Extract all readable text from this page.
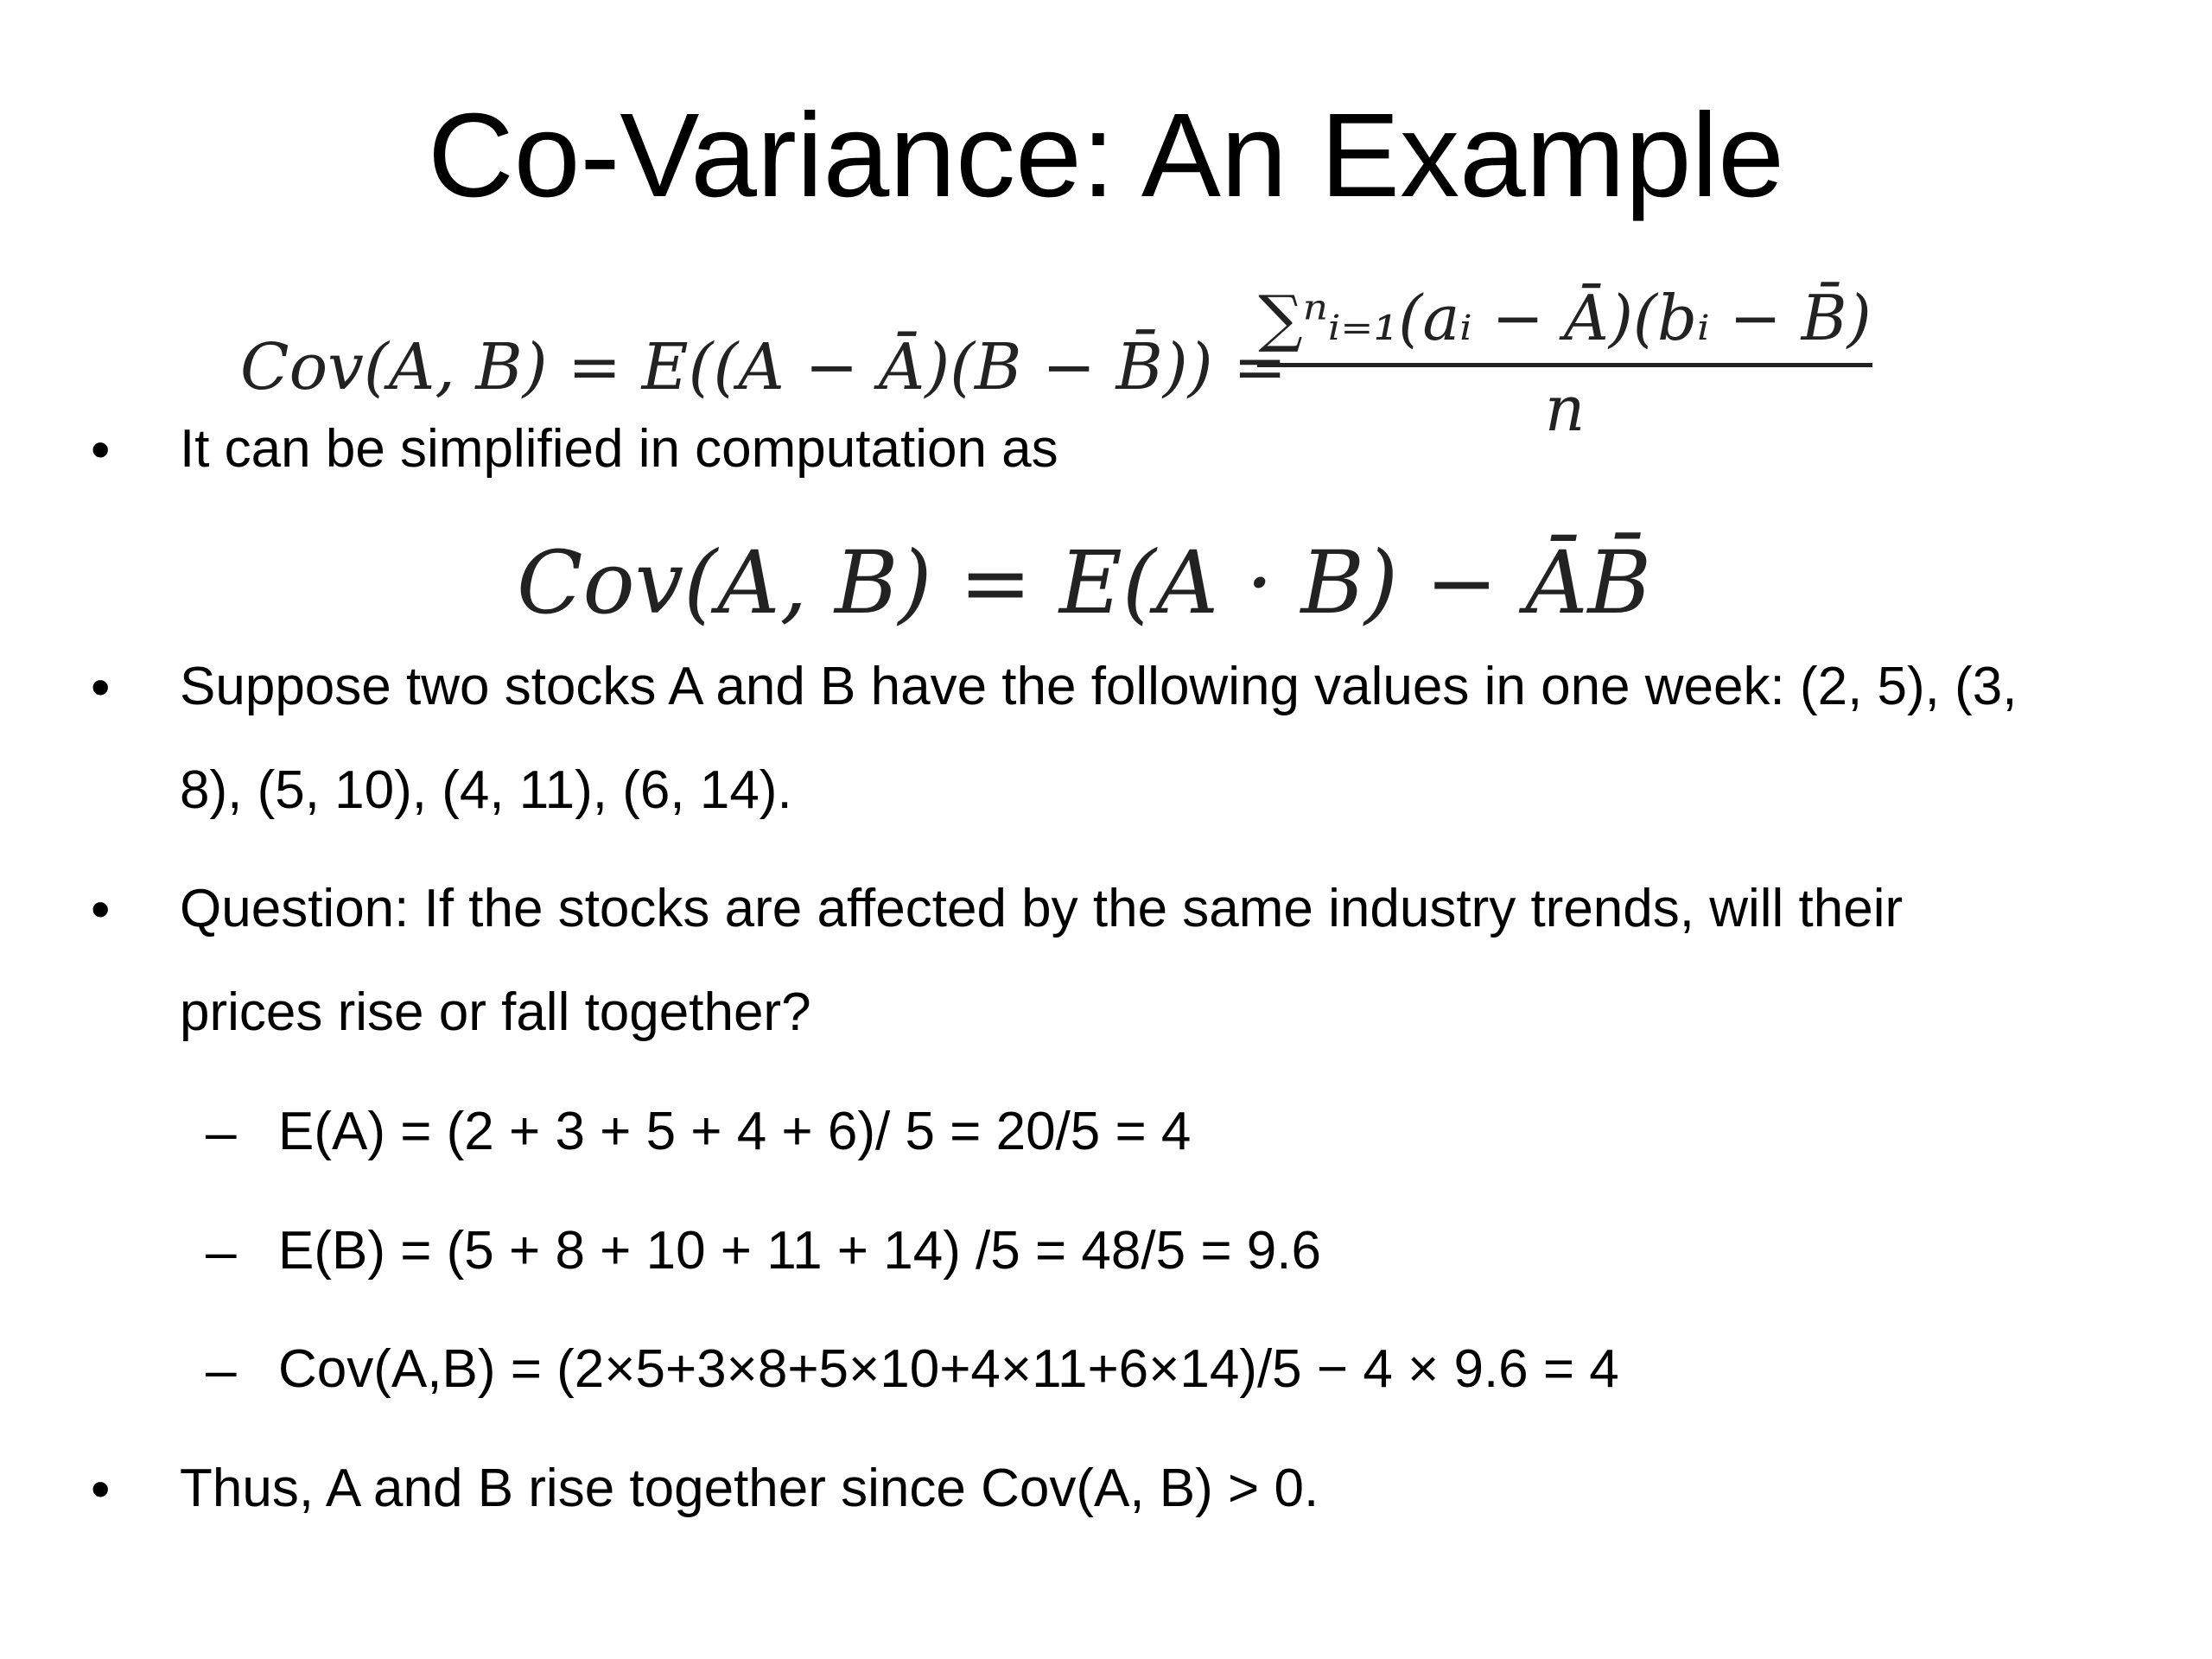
Co-Variance: An Example
Cov(A, B) = E((A − Ā)(B − B̄)) =
$\frac{\text{∑ⁿᵢ₌₁(aᵢ − Ā)(bᵢ − B̄)}}{n}$
Cov(A, B) = E(A · B) − ĀB̄
• It can be simplified in computation as
• Suppose two stocks A and B have the following values in one week: (2, 5), (3,
8), (5, 10), (4, 11), (6, 14).
• Question: If the stocks are affected by the same industry trends, will their
prices rise or fall together?
– E(A) = (2 + 3 + 5 + 4 + 6)/ 5 = 20/5 = 4
– E(B) = (5 + 8 + 10 + 11 + 14) /5 = 48/5 = 9.6
– Cov(A,B) = (2×5+3×8+5×10+4×11+6×14)/5 − 4 × 9.6 = 4
• Thus, A and B rise together since Cov(A, B) > 0.
